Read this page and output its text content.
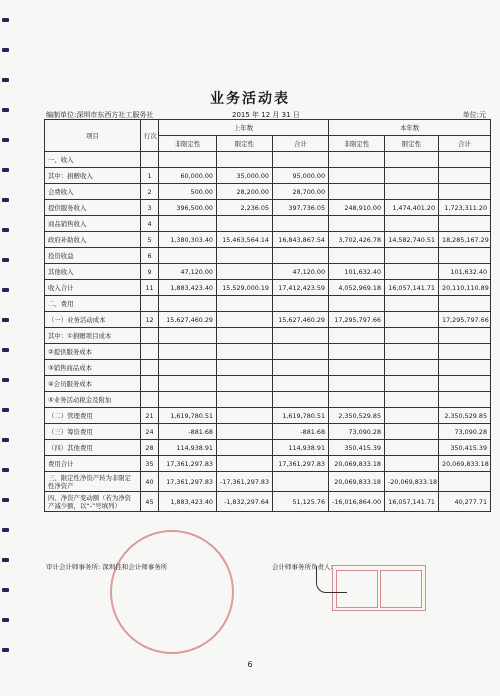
业务活动表
编制单位:深圳市东西方社工服务社	2015 年 12 月 31 日	单位:元
项目	行次	上年数			本年数		
		非限定性	限定性	合计	非限定性	限定性	合计
一、收入							
其中：捐赠收入	1	60,000.00	35,000.00	95,000.00			
会费收入	2	500.00	28,200.00	28,700.00			
提供服务收入	3	396,500.00	2,236.05	397,736.05	248,910.00	1,474,401.20	1,723,311.20
商品销售收入	4						
政府补助收入	5	1,380,303.40	15,463,564.14	16,843,867.54	3,702,426.78	14,582,740.51	18,285,167.29
投资收益	6						
其他收入	9	47,120.00		47,120.00	101,632.40		101,632.40
收入合计	11	1,883,423.40	15,529,000.19	17,412,423.59	4,052,969.18	16,057,141.71	20,110,110.89
二、费用							
（一）业务活动成本	12	15,627,460.29		15,627,460.29	17,295,797.66		17,295,797.66
其中：①捐赠项目成本							
②提供服务成本							
③销售商品成本							
④会员服务成本							
⑤业务活动税金及附加							
（二）管理费用	21	1,619,780.51		1,619,780.51	2,350,529.85		2,350,529.85
（三）筹资费用	24	-881.68		-881.68	73,090.28		73,090.28
（四）其他费用	28	114,938.91		114,938.91	350,415.39		350,415.39
费用合计	35	17,361,297.83		17,361,297.83	20,069,833.18		20,069,833.18
三、限定性净资产转为非限定性净资产	40	17,361,297.83	-17,361,297.83		20,069,833.18	-20,069,833.18	
四、净资产变动额（若为净资产减少额，以“-”号填列）	45	1,883,423.40	-1,832,297.64	51,125.76	-16,016,864.00	16,057,141.71	40,277.71
审计会计师事务所: 深圳佳和会计师事务所	会计师事务所负责人:
6
